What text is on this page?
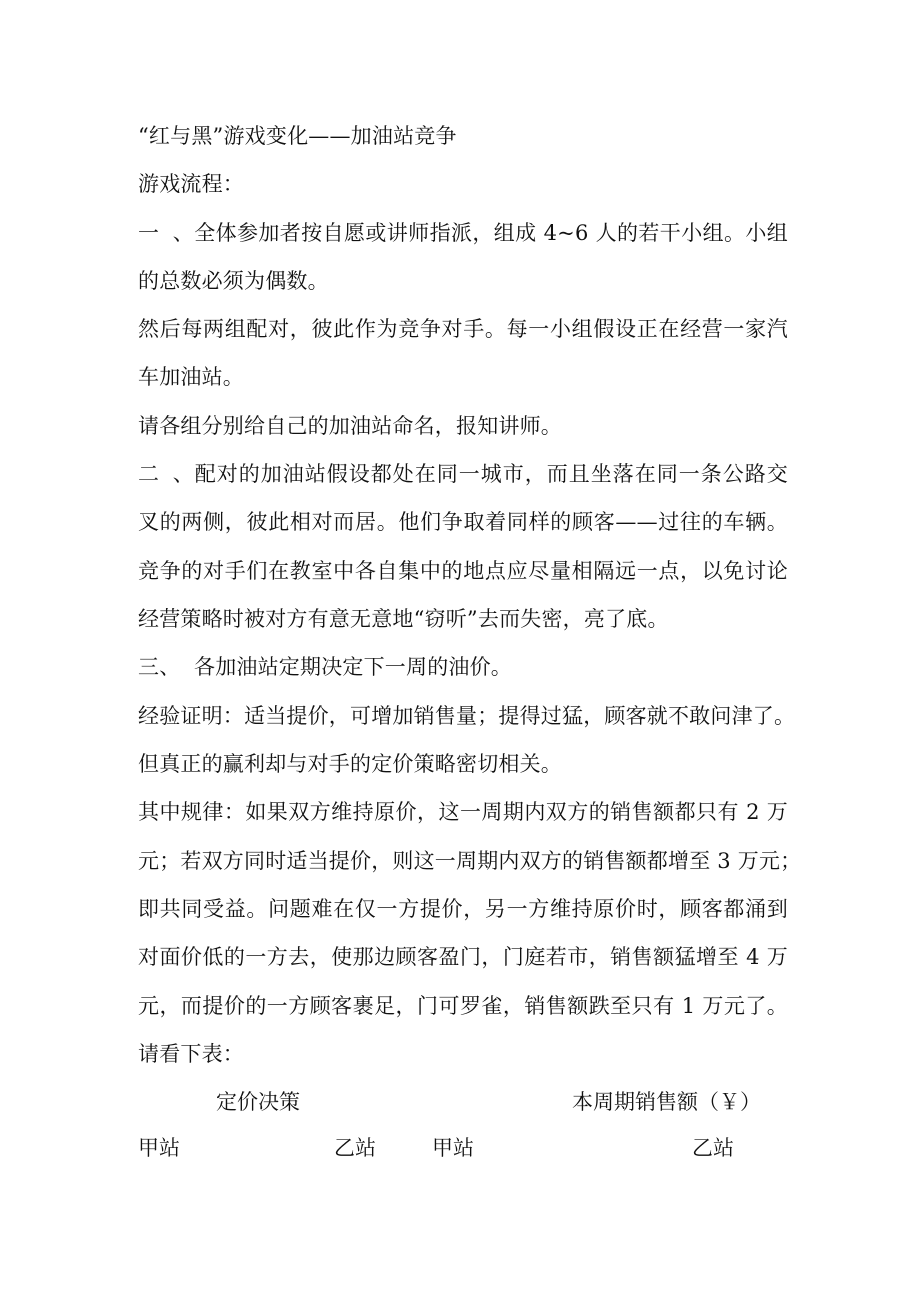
“红与黑”游戏变化——加油站竞争
游戏流程：
一、全体参加者按自愿或讲师指派，组成 4~6 人的若干小组。小组
的总数必须为偶数。
然后每两组配对，彼此作为竞争对手。每一小组假设正在经营一家汽
车加油站。
请各组分别给自己的加油站命名，报知讲师。
二、配对的加油站假设都处在同一城市，而且坐落在同一条公路交
叉的两侧，彼此相对而居。他们争取着同样的顾客——过往的车辆。
竞争的对手们在教室中各自集中的地点应尽量相隔远一点，以免讨论
经营策略时被对方有意无意地“窃听”去而失密，亮了底。
三、 各加油站定期决定下一周的油价。
经验证明：适当提价，可增加销售量；提得过猛，顾客就不敢问津了。
但真正的赢利却与对手的定价策略密切相关。
其中规律：如果双方维持原价，这一周期内双方的销售额都只有 2 万
元；若双方同时适当提价，则这一周期内双方的销售额都增至 3 万元；
即共同受益。问题难在仅一方提价，另一方维持原价时，顾客都涌到
对面价低的一方去，使那边顾客盈门，门庭若市，销售额猛增至 4 万
元，而提价的一方顾客裹足，门可罗雀，销售额跌至只有 1 万元了。
请看下表：
定价决策	本周期销售额（￥）
甲站	乙站	甲站	乙站
